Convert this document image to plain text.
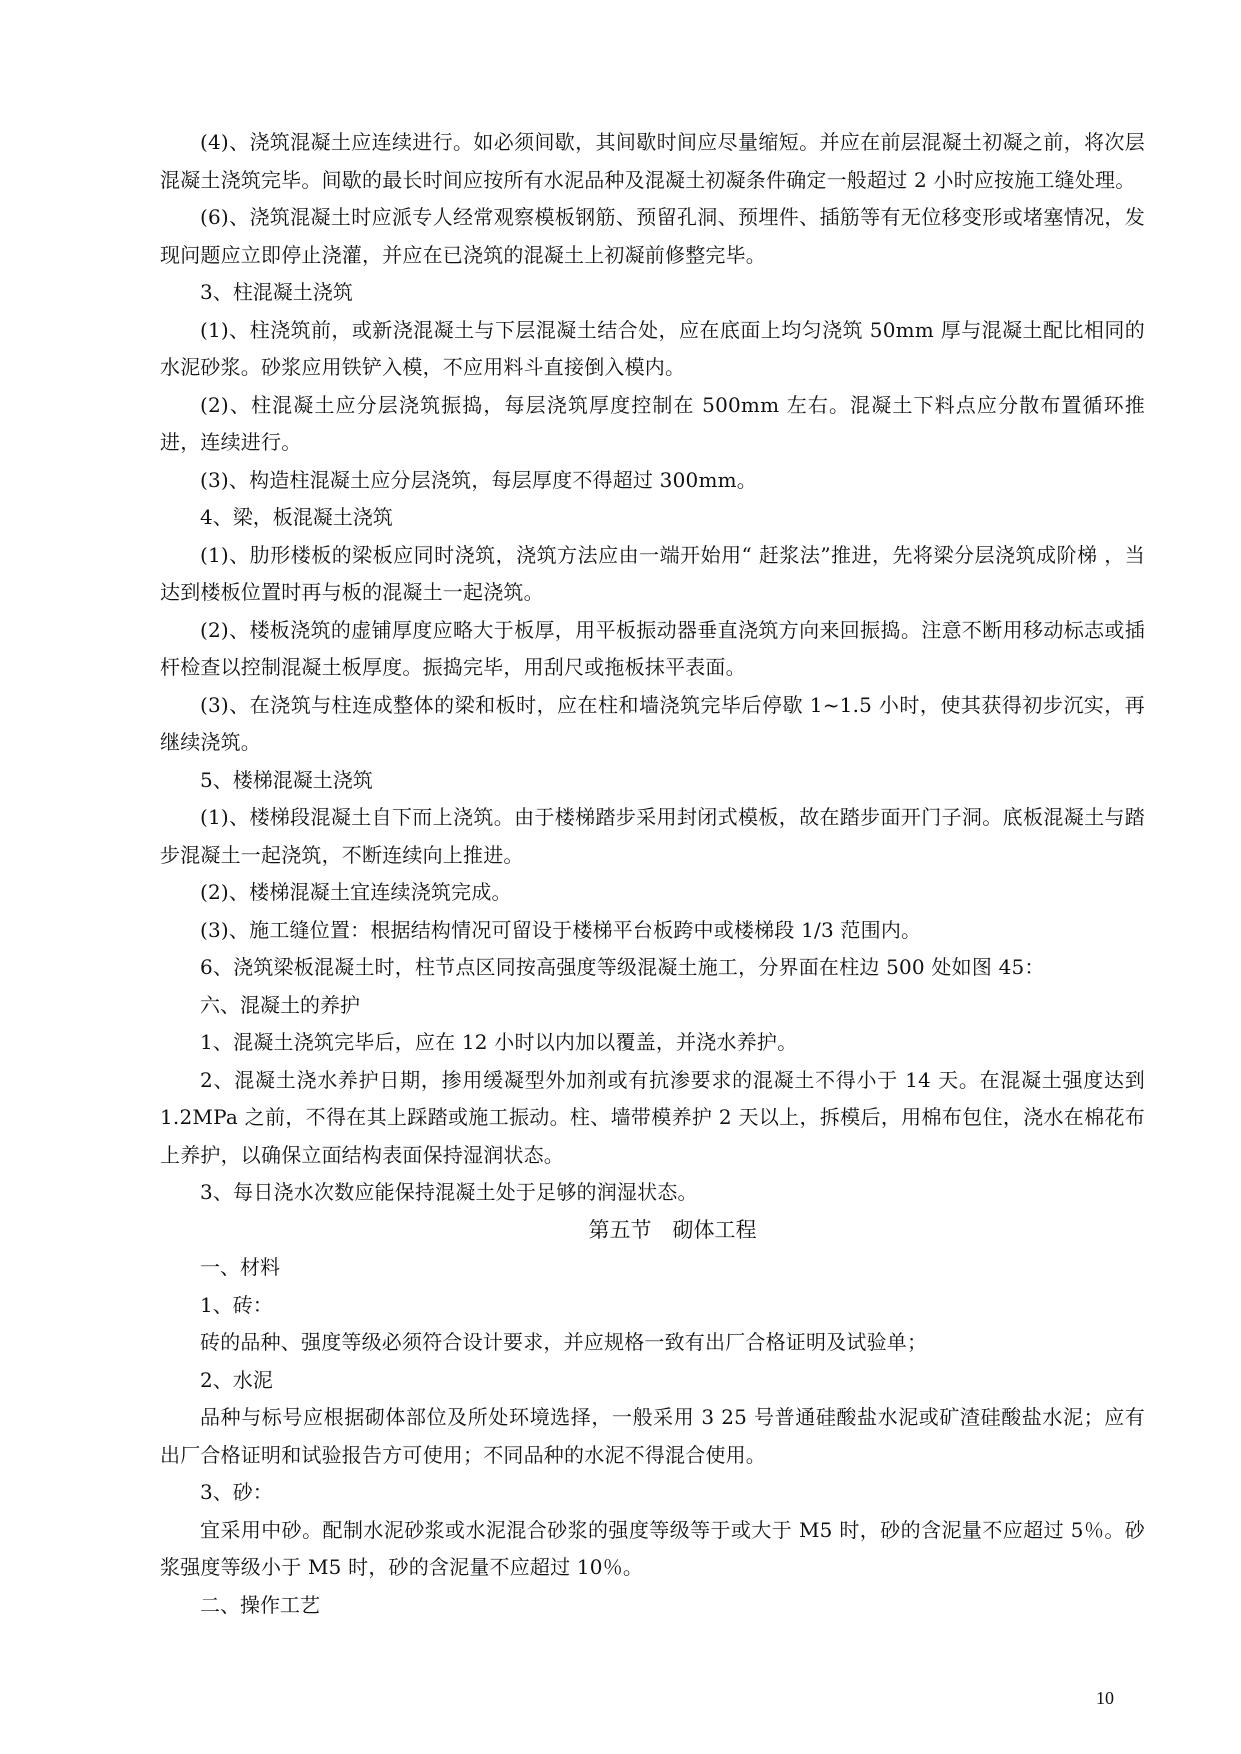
(4)、浇筑混凝土应连续进行。如必须间歇，其间歇时间应尽量缩短。并应在前层混凝土初凝之前，将次层混凝土浇筑完毕。间歇的最长时间应按所有水泥品种及混凝土初凝条件确定一般超过 2 小时应按施工缝处理。

(6)、浇筑混凝土时应派专人经常观察模板钢筋、预留孔洞、预埋件、插筋等有无位移变形或堵塞情况，发现问题应立即停止浇灌，并应在已浇筑的混凝土上初凝前修整完毕。

3、柱混凝土浇筑

(1)、柱浇筑前，或新浇混凝土与下层混凝土结合处，应在底面上均匀浇筑 50mm 厚与混凝土配比相同的水泥砂浆。砂浆应用铁铲入模，不应用料斗直接倒入模内。

(2)、柱混凝土应分层浇筑振捣，每层浇筑厚度控制在 500mm 左右。混凝土下料点应分散布置循环推进，连续进行。

(3)、构造柱混凝土应分层浇筑，每层厚度不得超过 300mm。

4、梁，板混凝土浇筑

(1)、肋形楼板的梁板应同时浇筑，浇筑方法应由一端开始用“ 赶浆法”推进，先将梁分层浇筑成阶梯 ，当达到楼板位置时再与板的混凝土一起浇筑。

(2)、楼板浇筑的虚铺厚度应略大于板厚，用平板振动器垂直浇筑方向来回振捣。注意不断用移动标志或插杆检查以控制混凝土板厚度。振捣完毕，用刮尺或拖板抹平表面。

(3)、在浇筑与柱连成整体的梁和板时，应在柱和墙浇筑完毕后停歇 1~1.5 小时，使其获得初步沉实，再继续浇筑。

5、楼梯混凝土浇筑

(1)、楼梯段混凝土自下而上浇筑。由于楼梯踏步采用封闭式模板，故在踏步面开门子洞。底板混凝土与踏步混凝土一起浇筑，不断连续向上推进。

(2)、楼梯混凝土宜连续浇筑完成。

(3)、施工缝位置：根据结构情况可留设于楼梯平台板跨中或楼梯段 1/3 范围内。

6、浇筑梁板混凝土时，柱节点区同按高强度等级混凝土施工，分界面在柱边 500 处如图 45：

六、混凝土的养护

1、混凝土浇筑完毕后，应在 12 小时以内加以覆盖，并浇水养护。

2、混凝土浇水养护日期，掺用缓凝型外加剂或有抗渗要求的混凝土不得小于 14 天。在混凝土强度达到 1.2MPa 之前，不得在其上踩踏或施工振动。柱、墙带模养护 2 天以上，拆模后，用棉布包住，浇水在棉花布上养护，以确保立面结构表面保持湿润状态。

3、每日浇水次数应能保持混凝土处于足够的润湿状态。

第五节　砌体工程

一、材料

1、砖：

砖的品种、强度等级必须符合设计要求，并应规格一致有出厂合格证明及试验单；

2、水泥

品种与标号应根据砌体部位及所处环境选择，一般采用 3 25 号普通硅酸盐水泥或矿渣硅酸盐水泥；应有出厂合格证明和试验报告方可使用；不同品种的水泥不得混合使用。

3、砂：

宜采用中砂。配制水泥砂浆或水泥混合砂浆的强度等级等于或大于 M5 时，砂的含泥量不应超过 5％。砂浆强度等级小于 M5 时，砂的含泥量不应超过 10％。

二、操作工艺

10
